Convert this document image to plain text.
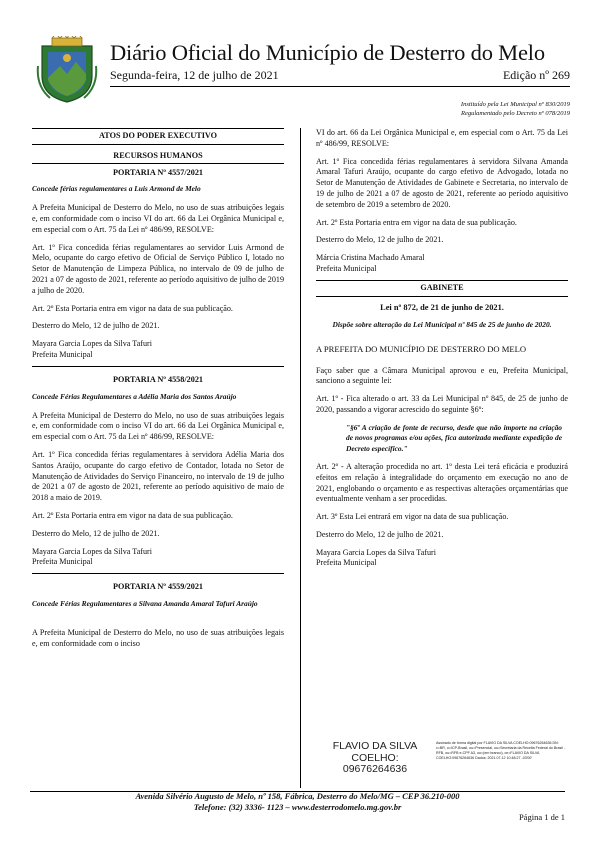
Diário Oficial do Município de Desterro do Melo
Segunda-feira, 12 de julho de 2021	Edição nº 269
Instituído pela Lei Municipal nº 830/2019
Regulamentado pelo Decreto nº 078/2019
ATOS DO PODER EXECUTIVO
RECURSOS HUMANOS
PORTARIA Nº 4557/2021
Concede férias regulamentares a Luis Armond de Melo

A Prefeita Municipal de Desterro do Melo, no uso de suas atribuições legais e, em conformidade com o inciso VI do art. 66 da Lei Orgânica Municipal e, em especial com o Art. 75 da Lei nº 486/99, RESOLVE:

Art. 1º Fica concedida férias regulamentares ao servidor Luis Armond de Melo, ocupante do cargo efetivo de Oficial de Serviço Público I, lotado no Setor de Manutenção de Limpeza Pública, no intervalo de 09 de julho de 2021 a 07 de agosto de 2021, referente ao período aquisitivo de julho de 2019 a julho de 2020.

Art. 2º Esta Portaria entra em vigor na data de sua publicação.

Desterro do Melo, 12 de julho de 2021.

Mayara Garcia Lopes da Silva Tafuri
Prefeita Municipal
PORTARIA Nº 4558/2021
Concede Férias Regulamentares a Adélia Maria dos Santos Araújo

A Prefeita Municipal de Desterro do Melo, no uso de suas atribuições legais e, em conformidade com o inciso VI do art. 66 da Lei Orgânica Municipal e, em especial com o Art. 75 da Lei nº 486/99, RESOLVE:

Art. 1º Fica concedida férias regulamentares à servidora Adélia Maria dos Santos Araújo, ocupante do cargo efetivo de Contador, lotada no Setor de Manutenção de Atividades do Serviço Financeiro, no intervalo de 19 de julho de 2021 a 07 de agosto de 2021, referente ao período aquisitivo de maio de 2018 a maio de 2019.

Art. 2º Esta Portaria entra em vigor na data de sua publicação.

Desterro do Melo, 12 de julho de 2021.

Mayara Garcia Lopes da Silva Tafuri
Prefeita Municipal
PORTARIA Nº 4559/2021
Concede Férias Regulamentares a Silvana Amanda Amaral Tafuri Araújo

A Prefeita Municipal de Desterro do Melo, no uso de suas atribuições legais e, em conformidade com o inciso

VI do art. 66 da Lei Orgânica Municipal e, em especial com o Art. 75 da Lei nº 486/99, RESOLVE:

Art. 1º Fica concedida férias regulamentares à servidora Silvana Amanda Amaral Tafuri Araújo, ocupante do cargo efetivo de Advogado, lotada no Setor de Manutenção de Atividades de Gabinete e Secretaria, no intervalo de 19 de julho de 2021 a 07 de agosto de 2021, referente ao período aquisitivo de setembro de 2019 a setembro de 2020.

Art. 2º Esta Portaria entra em vigor na data de sua publicação.

Desterro do Melo, 12 de julho de 2021.

Márcia Cristina Machado Amaral
Prefeita Municipal
GABINETE
Lei nº 872, de 21 de junho de 2021.
Dispõe sobre alteração da Lei Municipal nº 845 de 25 de junho de 2020.

A PREFEITA DO MUNICÍPIO DE DESTERRO DO MELO

Faço saber que a Câmara Municipal aprovou e eu, Prefeita Municipal, sanciono a seguinte lei:

Art. 1º - Fica alterado o art. 33 da Lei Municipal nº 845, de 25 de junho de 2020, passando a vigorar acrescido do seguinte §6º:

"§6º A criação de fonte de recurso, desde que não importe na criação de novos programas e/ou ações, fica autorizada mediante expedição de Decreto específico."

Art. 2º - A alteração procedida no art. 1º desta Lei terá eficácia e produzirá efeitos em relação à integralidade do orçamento em execução no ano de 2021, englobando o orçamento e as respectivas alterações orçamentárias que eventualmente venham a ser procedidas.

Art. 3º Esta Lei entrará em vigor na data de sua publicação.

Desterro do Melo, 12 de julho de 2021.

Mayara Garcia Lopes da Silva Tafuri
Prefeita Municipal
FLAVIO DA SILVA
COELHO:
09676264636
Assinado de forma digital por FLAVIO DA SILVA COELHO:09676264636 DN: c=BR, o=ICP-Brasil, ou=Presencial, ou=Secretaria da Receita Federal do Brasil - RFB, ou=RFB e-CPF A3, ou=(em branco), cn=FLAVIO DA SILVA COELHO:09676264636 Dados: 2021.07.12 10:48:27 -03'00'
Avenida Silvério Augusto de Melo, nº 158, Fábrica, Desterro do Melo/MG – CEP 36.210-000
Telefone: (32) 3336- 1123 – www.desterrodomelo.mg.gov.br
Página 1 de 1
